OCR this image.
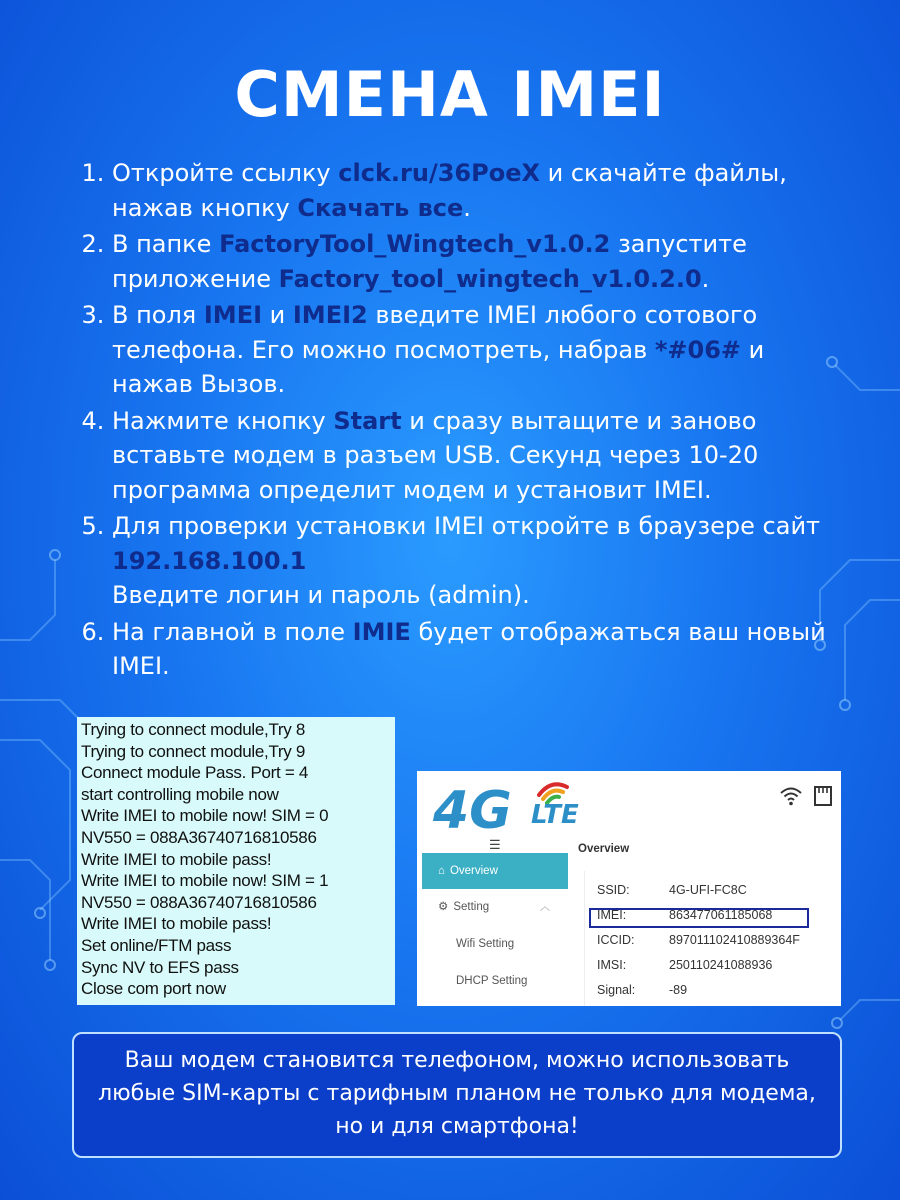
СМЕНА IMEI
1. Откройте ссылку clck.ru/36PoeX и скачайте файлы, нажав кнопку Скачать все.
2. В папке FactoryTool_Wingtech_v1.0.2 запустите приложение Factory_tool_wingtech_v1.0.2.0.
3. В поля IMEI и IMEI2 введите IMEI любого сотового телефона. Его можно посмотреть, набрав *#06# и нажав Вызов.
4. Нажмите кнопку Start и сразу вытащите и заново вставьте модем в разъем USB. Секунд через 10-20 программа определит модем и установит IMEI.
5. Для проверки установки IMEI откройте в браузере сайт 192.168.100.1
Введите логин и пароль (admin).
6. На главной в поле IMIE будет отображаться ваш новый IMEI.
Trying to connect module,Try 8
Trying to connect module,Try 9
Connect module Pass. Port = 4
start controlling mobile now
Write IMEI to mobile now! SIM = 0
NV550 = 088A36740716810586
Write IMEI to mobile pass!
Write IMEI to mobile now! SIM = 1
NV550 = 088A36740716810586
Write IMEI to mobile pass!
Set online/FTM pass
Sync NV to EFS pass
Close com port now
4G LTE
☰
⌂ Overview
⚙ Setting	︿
Wifi Setting
DHCP Setting
Overview
SSID:	4G-UFI-FC8C
IMEI:	863477061185068
ICCID:	897011102410889364F
IMSI:	250110241088936
Signal:	-89
Ваш модем становится телефоном, можно использовать любые SIM-карты с тарифным планом не только для модема, но и для смартфона!
